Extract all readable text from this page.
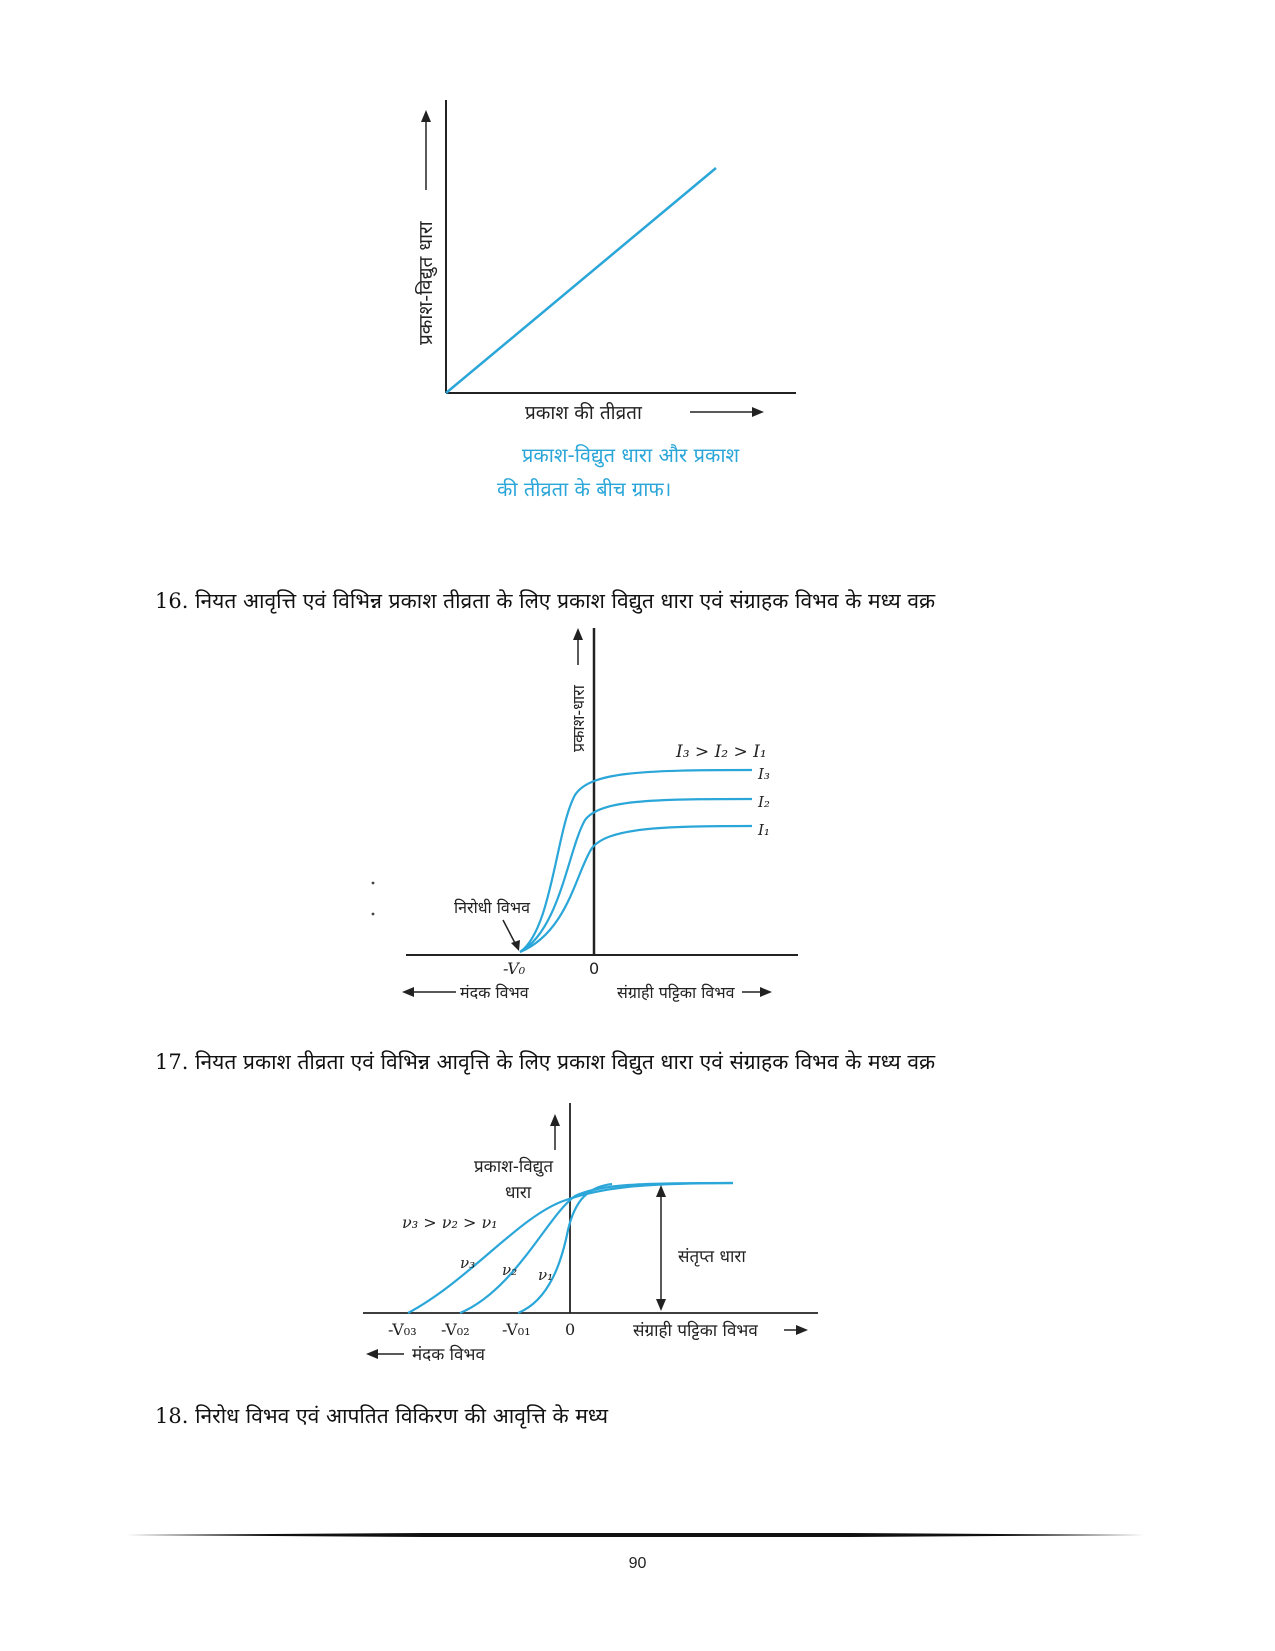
प्रकाश-विद्युत धारा
प्रकाश की तीव्रता
प्रकाश-विद्युत धारा और प्रकाश
की तीव्रता के बीच ग्राफ।
16. नियत आवृत्ति एवं विभिन्न प्रकाश तीव्रता के लिए प्रकाश विद्युत धारा एवं संग्राहक विभव के मध्य वक्र
प्रकाश-धारा	I₃ > I₂ > I₁
I₃
I₂
I₁
निरोधी विभव
-V₀	0
मंदक विभव	संग्राही पट्टिका विभव
17. नियत प्रकाश तीव्रता एवं विभिन्न आवृत्ति के लिए प्रकाश विद्युत धारा एवं संग्राहक विभव के मध्य वक्र
प्रकाश-विद्युत
धारा
संतृप्त धारा
ν₃ > ν₂ > ν₁
ν₃ ν₂ ν₁
-V₀₃ -V₀₂ -V₀₁ 0	संग्राही पट्टिका विभव
मंदक विभव
18. निरोध विभव एवं आपतित विकिरण की आवृत्ति के मध्य
90
